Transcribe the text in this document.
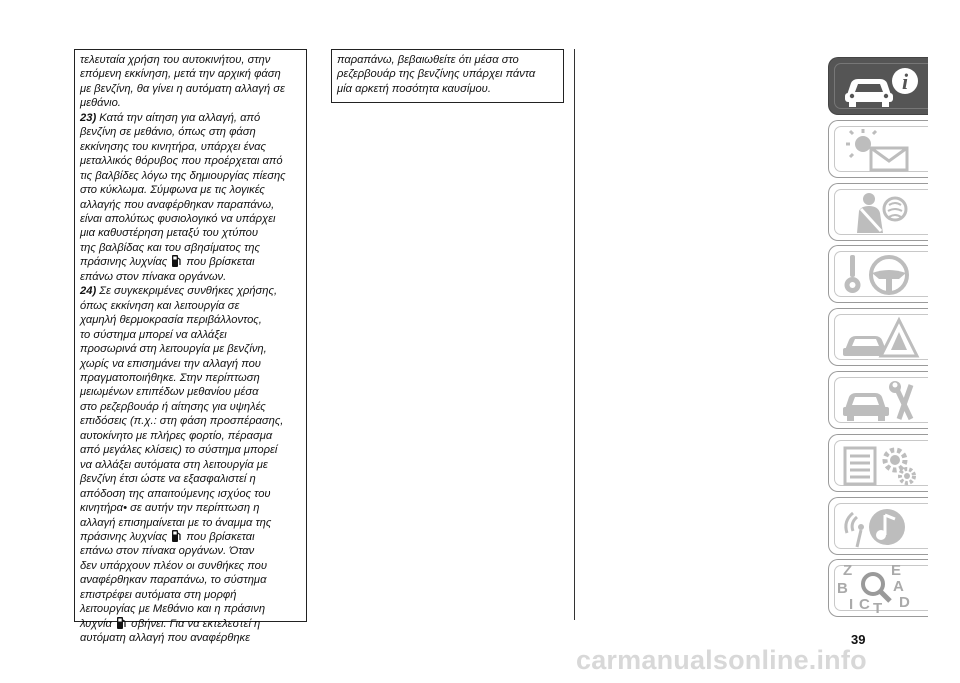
τελευταία χρήση του αυτοκινήτου, στην
επόμενη εκκίνηση, μετά την αρχική φάση
με βενζίνη, θα γίνει η αυτόματη αλλαγή σε
μεθάνιο.

23) Κατά την αίτηση για αλλαγή, από
βενζίνη σε μεθάνιο, όπως στη φάση
εκκίνησης του κινητήρα, υπάρχει ένας
μεταλλικός θόρυβος που προέρχεται από
τις βαλβίδες λόγω της δημιουργίας πίεσης
στο κύκλωμα. Σύμφωνα με τις λογικές
αλλαγής που αναφέρθηκαν παραπάνω,
είναι απολύτως φυσιολογικό να υπάρχει
μια καθυστέρηση μεταξύ του χτύπου
της βαλβίδας και του σβησίματος της
πράσινης λυχνίας που βρίσκεται
επάνω στον πίνακα οργάνων.

24) Σε συγκεκριμένες συνθήκες χρήσης,
όπως εκκίνηση και λειτουργία σε
χαμηλή θερμοκρασία περιβάλλοντος,
το σύστημα μπορεί να αλλάξει
προσωρινά στη λειτουργία με βενζίνη,
χωρίς να επισημάνει την αλλαγή που
πραγματοποιήθηκε. Στην περίπτωση
μειωμένων επιπέδων μεθανίου μέσα
στο ρεζερβουάρ ή αίτησης για υψηλές
επιδόσεις (π.χ.: στη φάση προσπέρασης,
αυτοκίνητο με πλήρες φορτίο, πέρασμα
από μεγάλες κλίσεις) το σύστημα μπορεί
να αλλάξει αυτόματα στη λειτουργία με
βενζίνη έτσι ώστε να εξασφαλιστεί η
απόδοση της απαιτούμενης ισχύος του
κινητήρα• σε αυτήν την περίπτωση η
αλλαγή επισημαίνεται με το άναμμα της
πράσινης λυχνίας που βρίσκεται
επάνω στον πίνακα οργάνων. Όταν
δεν υπάρχουν πλέον οι συνθήκες που
αναφέρθηκαν παραπάνω, το σύστημα
επιστρέφει αυτόματα στη μορφή
λειτουργίας με Μεθάνιο και η πράσινη
λυχνία σβήνει. Για να εκτελεστεί η
αυτόματη αλλαγή που αναφέρθηκε

παραπάνω, βεβαιωθείτε ότι μέσα στο
ρεζερβουάρ της βενζίνης υπάρχει πάντα
μία αρκετή ποσότητα καυσίμου.	i
Z	E
B	A
I C T D
39
carmanualsonline.info
